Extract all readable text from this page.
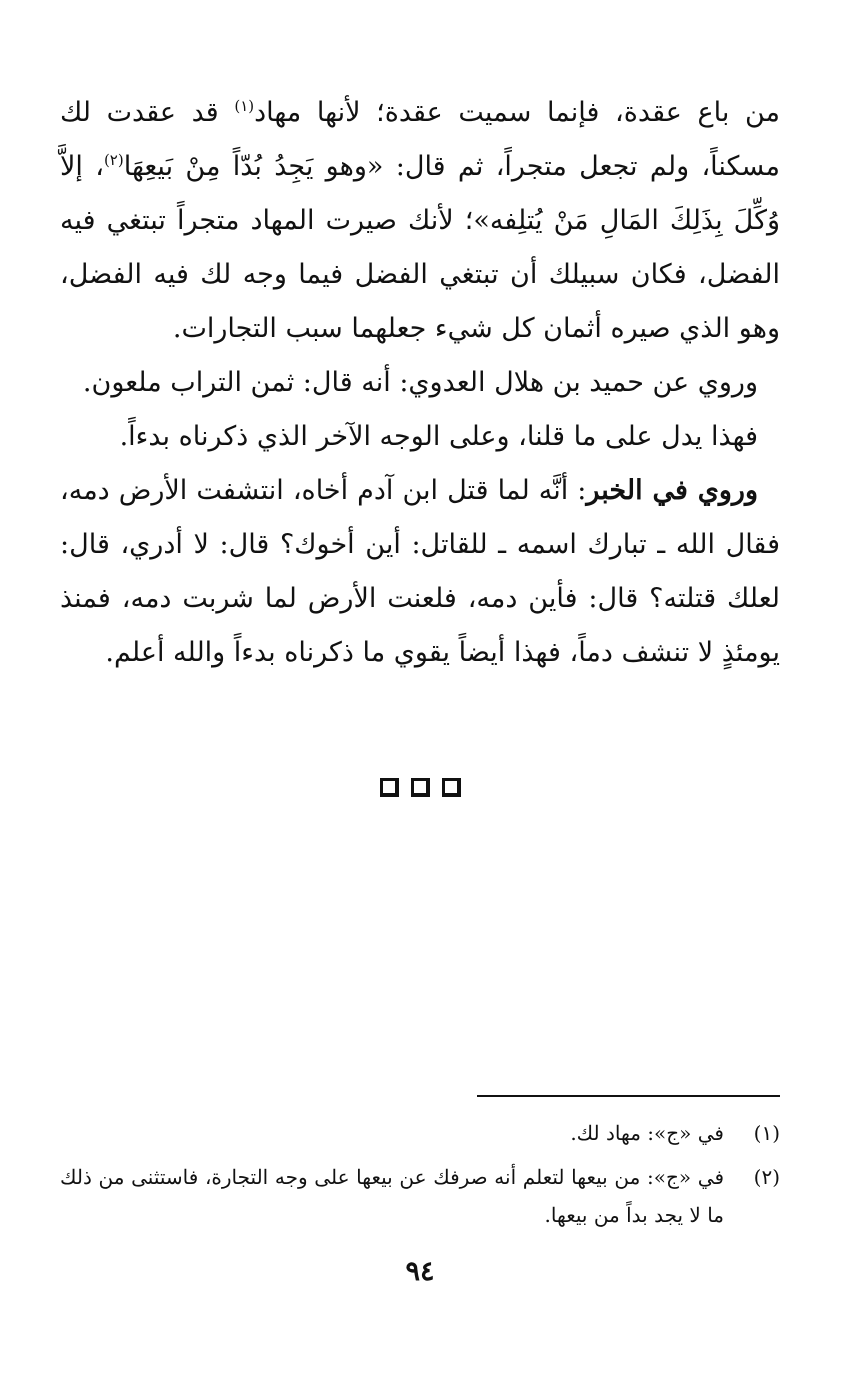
من باع عقدة، فإنما سميت عقدة؛ لأنها مهاد$^{(١)}$ قد عقدت لك مسكناً، ولم تجعل متجراً، ثم قال: «وهو يَجِدُ بُدّاً مِنْ بَيعِهَا$^{(٢)}$، إلاَّ وُكِّلَ بِذَلِكَ المَالِ مَنْ يُتلِفه»؛ لأنك صيرت المهاد متجراً تبتغي فيه الفضل، فكان سبيلك أن تبتغي الفضل فيما وجه لك فيه الفضل، وهو الذي صيره أثمان كل شيء جعلهما سبب التجارات.

وروي عن حميد بن هلال العدوي: أنه قال: ثمن التراب ملعون.

فهذا يدل على ما قلنا، وعلى الوجه الآخر الذي ذكرناه بدءاً.

وروي في الخبر: أنَّه لما قتل ابن آدم أخاه، انتشفت الأرض دمه، فقال الله ـ تبارك اسمه ـ للقاتل: أين أخوك؟ قال: لا أدري، قال: لعلك قتلته؟ قال: فأين دمه، فلعنت الأرض لما شربت دمه، فمنذ يومئذٍ لا تنشف دماً، فهذا أيضاً يقوي ما ذكرناه بدءاً والله أعلم.

(١)
في «ج»: مهاد لك.
(٢)
في «ج»: من بيعها لتعلم أنه صرفك عن بيعها على وجه التجارة، فاستثنى من ذلك ما لا يجد بداً من بيعها.
٩٤
